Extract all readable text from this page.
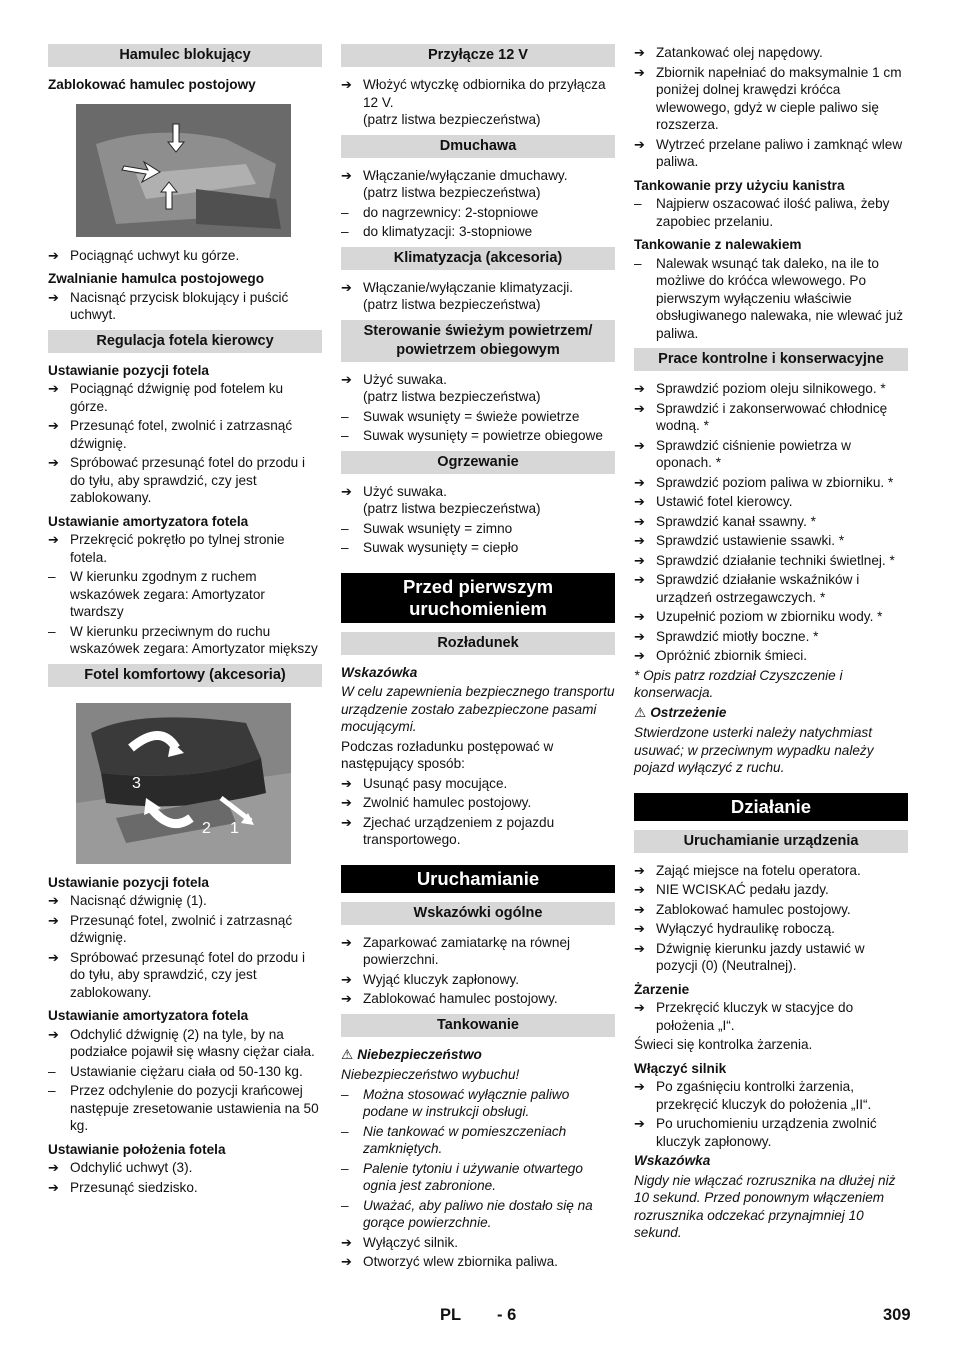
Hamulec blokujący
Zablokować hamulec postojowy
➔
Pociągnąć uchwyt ku górze.
Zwalnianie hamulca postojowego
➔
Nacisnąć przycisk blokujący i puścić uchwyt.
Regulacja fotela kierowcy
Ustawianie pozycji fotela
➔
Pociągnąć dźwignię pod fotelem ku górze.
➔
Przesunąć fotel, zwolnić i zatrzasnąć dźwignię.
➔
Spróbować przesunąć fotel do przodu i do tyłu, aby sprawdzić, czy jest zablokowany.
Ustawianie amortyzatora fotela
➔
Przekręcić pokrętło po tylnej stronie fotela.
–
W kierunku zgodnym z ruchem wskazówek zegara: Amortyzator twardszy
–
W kierunku przeciwnym do ruchu wskazówek zegara: Amortyzator miększy
Fotel komfortowy (akcesoria)
3
2 1
Ustawianie pozycji fotela
➔
Nacisnąć dźwignię (1).
➔
Przesunąć fotel, zwolnić i zatrzasnąć dźwignię.
➔
Spróbować przesunąć fotel do przodu i do tyłu, aby sprawdzić, czy jest zablokowany.
Ustawianie amortyzatora fotela
➔
Odchylić dźwignię (2) na tyle, by na podziałce pojawił się własny ciężar ciała.
–
Ustawianie ciężaru ciała od 50-130 kg.
–
Przez odchylenie do pozycji krańcowej następuje zresetowanie ustawienia na 50 kg.
Ustawianie położenia fotela
➔
Odchylić uchwyt (3).
➔
Przesunąć siedzisko.
Przyłącze 12 V
➔
Włożyć wtyczkę odbiornika do przyłącza 12 V.
(patrz listwa bezpieczeństwa)
Dmuchawa
➔
Włączanie/wyłączanie dmuchawy.
(patrz listwa bezpieczeństwa)
–
do nagrzewnicy: 2-stopniowe
–
do klimatyzacji: 3-stopniowe
Klimatyzacja (akcesoria)
➔
Włączanie/wyłączanie klimatyzacji.
(patrz listwa bezpieczeństwa)
Sterowanie świeżym powietrzem/ powietrzem obiegowym
➔
Użyć suwaka.
(patrz listwa bezpieczeństwa)
–
Suwak wsunięty = świeże powietrze
–
Suwak wysunięty = powietrze obiegowe
Ogrzewanie
➔
Użyć suwaka.
(patrz listwa bezpieczeństwa)
–
Suwak wsunięty = zimno
–
Suwak wysunięty = ciepło
Przed pierwszym uruchomieniem
Rozładunek
Wskazówka
W celu zapewnienia bezpiecznego transportu urządzenie zostało zabezpieczone pasami mocującymi.
Podczas rozładunku postępować w następujący sposób:
➔
Usunąć pasy mocujące.
➔
Zwolnić hamulec postojowy.
➔
Zjechać urządzeniem z pojazdu transportowego.
Uruchamianie
Wskazówki ogólne
➔
Zaparkować zamiatarkę na równej powierzchni.
➔
Wyjąć kluczyk zapłonowy.
➔
Zablokować hamulec postojowy.
Tankowanie
⚠ Niebezpieczeństwo
Niebezpieczeństwo wybuchu!
–
Można stosować wyłącznie paliwo podane w instrukcji obsługi.
–
Nie tankować w pomieszczeniach zamkniętych.
–
Palenie tytoniu i używanie otwartego ognia jest zabronione.
–
Uważać, aby paliwo nie dostało się na gorące powierzchnie.
➔
Wyłączyć silnik.
➔
Otworzyć wlew zbiornika paliwa.
➔
Zatankować olej napędowy.
➔
Zbiornik napełniać do maksymalnie 1 cm poniżej dolnej krawędzi króćca wlewowego, gdyż w cieple paliwo się rozszerza.
➔
Wytrzeć przelane paliwo i zamknąć wlew paliwa.
Tankowanie przy użyciu kanistra
–
Najpierw oszacować ilość paliwa, żeby zapobiec przelaniu.
Tankowanie z nalewakiem
–
Nalewak wsunąć tak daleko, na ile to możliwe do króćca wlewowego. Po pierwszym wyłączeniu właściwie obsługiwanego nalewaka, nie wlewać już paliwa.
Prace kontrolne i konserwacyjne
➔
Sprawdzić poziom oleju silnikowego. *
➔
Sprawdzić i zakonserwować chłodnicę wodną. *
➔
Sprawdzić ciśnienie powietrza w oponach. *
➔
Sprawdzić poziom paliwa w zbiorniku. *
➔
Ustawić fotel kierowcy.
➔
Sprawdzić kanał ssawny. *
➔
Sprawdzić ustawienie ssawki. *
➔
Sprawdzić działanie techniki świetlnej. *
➔
Sprawdzić działanie wskaźników i urządzeń ostrzegawczych. *
➔
Uzupełnić poziom w zbiorniku wody. *
➔
Sprawdzić miotły boczne. *
➔
Opróżnić zbiornik śmieci.
* Opis patrz rozdział Czyszczenie i konserwacja.
⚠ Ostrzeżenie
Stwierdzone usterki należy natychmiast usuwać; w przeciwnym wypadku należy pojazd wyłączyć z ruchu.
Działanie
Uruchamianie urządzenia
➔
Zająć miejsce na fotelu operatora.
➔
NIE WCISKAĆ pedału jazdy.
➔
Zablokować hamulec postojowy.
➔
Wyłączyć hydraulikę roboczą.
➔
Dźwignię kierunku jazdy ustawić w pozycji (0) (Neutralnej).
Żarzenie
➔
Przekręcić kluczyk w stacyjce do położenia „I“.
Świeci się kontrolka żarzenia.
Włączyć silnik
➔
Po zgaśnięciu kontrolki żarzenia, przekręcić kluczyk do położenia „II“.
➔
Po uruchomieniu urządzenia zwolnić kluczyk zapłonowy.
Wskazówka
Nigdy nie włączać rozrusznika na dłużej niż 10 sekund. Przed ponownym włączeniem rozrusznika odczekać przynajmniej 10 sekund.
PL - 6	309
